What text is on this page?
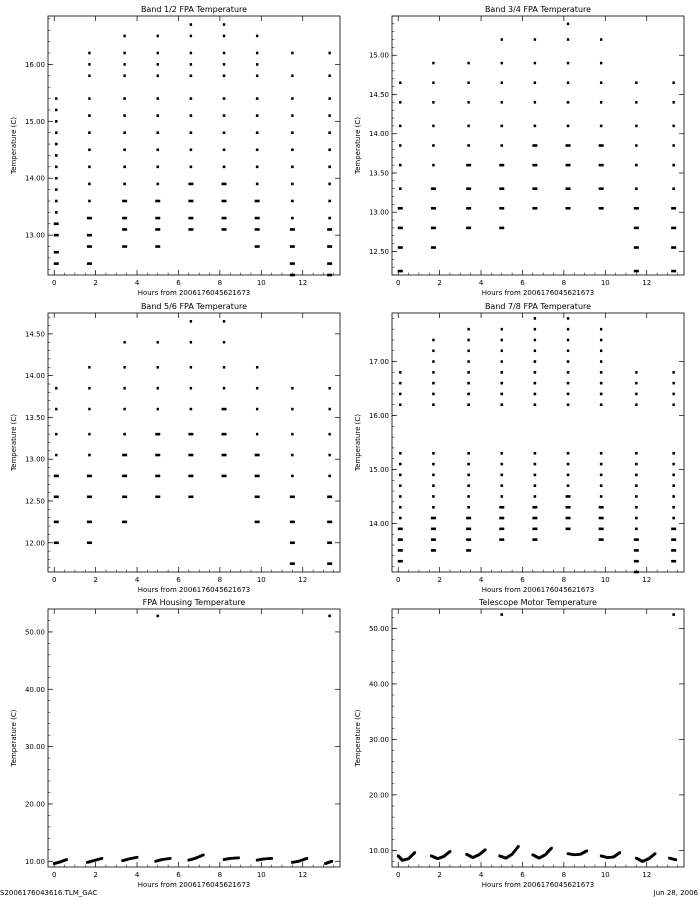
Band 1/2 FPA Temperature
Hours from 2006176045621673
Temperature (C)
0	2	4	6	8	10	12
13.00
14.00
15.00
16.00
Band 3/4 FPA Temperature
Hours from 2006176045621673
Temperature (C)
0	2	4	6	8	10	12
12.50
13.00
13.50
14.00
14.50
15.00
Band 5/6 FPA Temperature
Hours from 2006176045621673
Temperature (C)
0	2	4	6	8	10	12
12.00
12.50
13.00
13.50
14.00
14.50
Band 7/8 FPA Temperature
Hours from 2006176045621673
Temperature (C)
0	2	4	6	8	10	12
14.00
15.00
16.00
17.00
FPA Housing Temperature
Hours from 2006176045621673
Temperature (C)
0	2	4	6	8	10	12
10.00
20.00
30.00
40.00
50.00
Telescope Motor Temperature
Hours from 2006176045621673
Temperature (C)
0	2	4	6	8	10	12
10.00
20.00
30.00
40.00
50.00
S2006176043616.TLM_GAC	Jun 28, 2006
